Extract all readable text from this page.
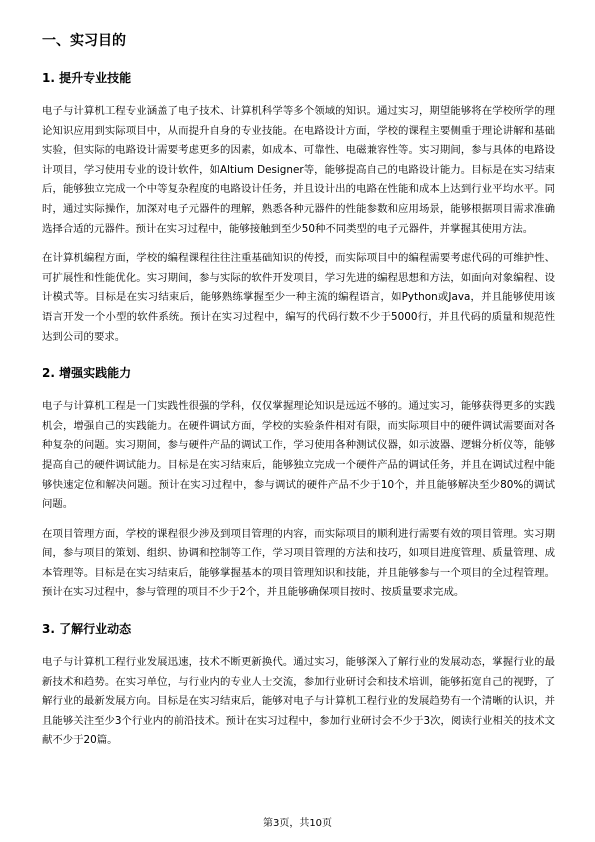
一、实习目的
1. 提升专业技能

电子与计算机工程专业涵盖了电子技术、计算机科学等多个领域的知识。通过实习，期望能够将在学校所学的理论知识应用到实际项目中，从而提升自身的专业技能。在电路设计方面，学校的课程主要侧重于理论讲解和基础实验，但实际的电路设计需要考虑更多的因素，如成本、可靠性、电磁兼容性等。实习期间，参与具体的电路设计项目，学习使用专业的设计软件，如Altium Designer等，能够提高自己的电路设计能力。目标是在实习结束后，能够独立完成一个中等复杂程度的电路设计任务，并且设计出的电路在性能和成本上达到行业平均水平。同时，通过实际操作，加深对电子元器件的理解，熟悉各种元器件的性能参数和应用场景，能够根据项目需求准确选择合适的元器件。预计在实习过程中，能够接触到至少50种不同类型的电子元器件，并掌握其使用方法。

在计算机编程方面，学校的编程课程往往注重基础知识的传授，而实际项目中的编程需要考虑代码的可维护性、可扩展性和性能优化。实习期间，参与实际的软件开发项目，学习先进的编程思想和方法，如面向对象编程、设计模式等。目标是在实习结束后，能够熟练掌握至少一种主流的编程语言，如Python或Java，并且能够使用该语言开发一个小型的软件系统。预计在实习过程中，编写的代码行数不少于5000行，并且代码的质量和规范性达到公司的要求。

2. 增强实践能力

电子与计算机工程是一门实践性很强的学科，仅仅掌握理论知识是远远不够的。通过实习，能够获得更多的实践机会，增强自己的实践能力。在硬件调试方面，学校的实验条件相对有限，而实际项目中的硬件调试需要面对各种复杂的问题。实习期间，参与硬件产品的调试工作，学习使用各种测试仪器，如示波器、逻辑分析仪等，能够提高自己的硬件调试能力。目标是在实习结束后，能够独立完成一个硬件产品的调试任务，并且在调试过程中能够快速定位和解决问题。预计在实习过程中，参与调试的硬件产品不少于10个，并且能够解决至少80%的调试问题。

在项目管理方面，学校的课程很少涉及到项目管理的内容，而实际项目的顺利进行需要有效的项目管理。实习期间，参与项目的策划、组织、协调和控制等工作，学习项目管理的方法和技巧，如项目进度管理、质量管理、成本管理等。目标是在实习结束后，能够掌握基本的项目管理知识和技能，并且能够参与一个项目的全过程管理。预计在实习过程中，参与管理的项目不少于2个，并且能够确保项目按时、按质量要求完成。

3. 了解行业动态

电子与计算机工程行业发展迅速，技术不断更新换代。通过实习，能够深入了解行业的发展动态，掌握行业的最新技术和趋势。在实习单位，与行业内的专业人士交流，参加行业研讨会和技术培训，能够拓宽自己的视野，了解行业的最新发展方向。目标是在实习结束后，能够对电子与计算机工程行业的发展趋势有一个清晰的认识，并且能够关注至少3个行业内的前沿技术。预计在实习过程中，参加行业研讨会不少于3次，阅读行业相关的技术文献不少于20篇。

第3页，共10页
